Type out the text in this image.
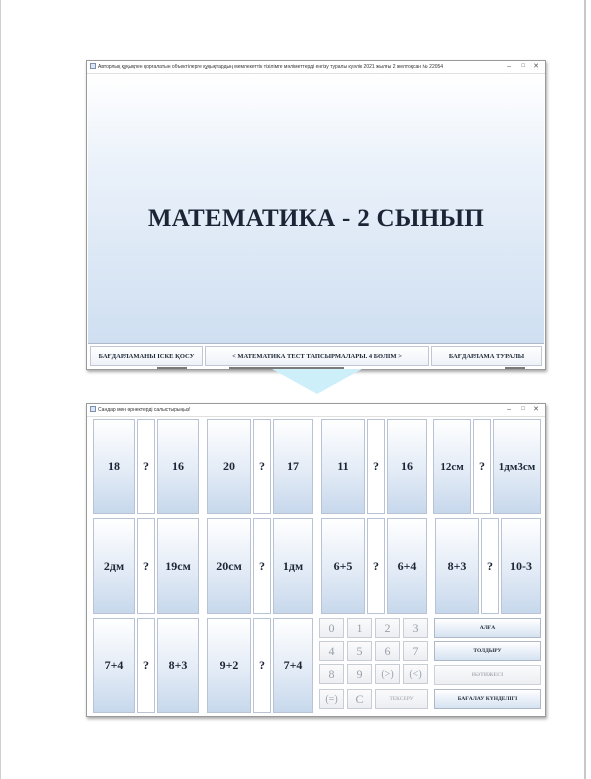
Авторлық құқықпен қорғалатын объектілерге құқықтардың мемлекеттік тізілімге мәліметтерді енгізу туралы куәлік 2021 жылғы 2 желтоқсан № 22054	– □ ✕
МАТЕМАТИКА - 2 СЫНЫП
БАҒДАРЛАМАНЫ ІСКЕ ҚОСУ	< МАТЕМАТИКА ТЕСТ ТАПСЫРМАЛАРЫ. 4 БӨЛІМ >	БАҒДАРЛАМА ТУРАЛЫ
Сандар мен өрнектерді салыстырыңыз!	– □ ✕
18	?	16	20	?	17	11	?	16	12см	?	1дм3см
2дм	?	19см	20см	?	1дм	6+5	?	6+4	8+3	?	10-3
7+4	?	8+3	9+2	?	7+4
0	1	2	3
4	5	6	7
8	9	(>)	(<)
(=)	C	ТЕКСЕРУ
АЛҒА
ТОЛДЫРУ
НӘТИЖЕСІ
БАҒАЛАУ КҮНДЕЛІГІ
